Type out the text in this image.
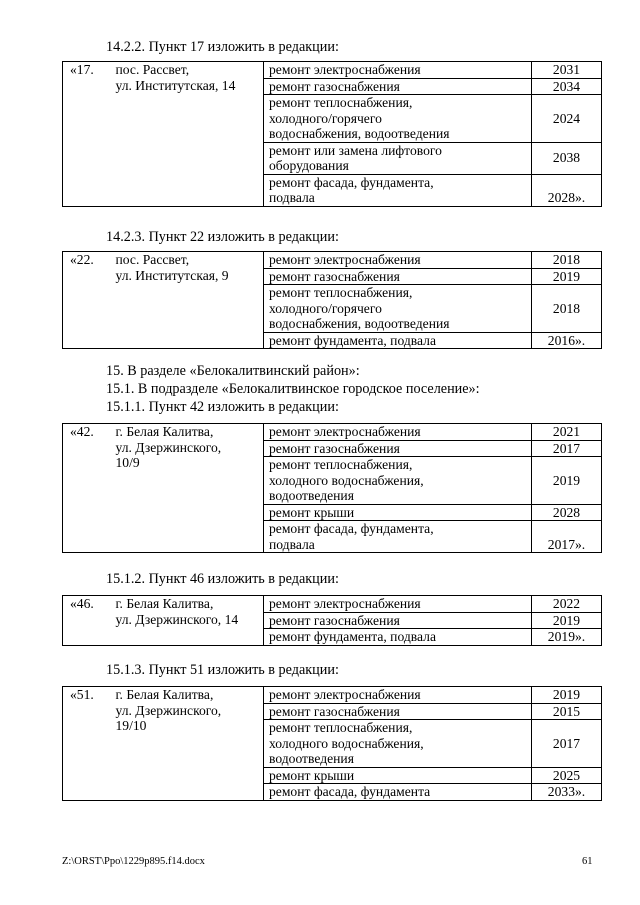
14.2.2. Пункт 17 изложить в редакции:
«17.	пос. Рассвет,
ул. Институтская, 14	ремонт электроснабжения	2031
		ремонт газоснабжения	2034
		ремонт теплоснабжения,
холодного/горячего
водоснабжения, водоотведения	2024
		ремонт или замена лифтового
оборудования	2038
		ремонт фасада, фундамента,
подвала	2028».
14.2.3. Пункт 22 изложить в редакции:
«22.	пос. Рассвет,
ул. Институтская, 9	ремонт электроснабжения	2018
		ремонт газоснабжения	2019
		ремонт теплоснабжения,
холодного/горячего
водоснабжения, водоотведения	2018
		ремонт фундамента, подвала	2016».
15. В разделе «Белокалитвинский район»:
15.1. В подразделе «Белокалитвинское городское поселение»:
15.1.1. Пункт 42 изложить в редакции:
«42.	г. Белая Калитва,
ул. Дзержинского,
10/9	ремонт электроснабжения	2021
		ремонт газоснабжения	2017
		ремонт теплоснабжения,
холодного водоснабжения,
водоотведения	2019
		ремонт крыши	2028
		ремонт фасада, фундамента,
подвала	2017».
15.1.2. Пункт 46 изложить в редакции:
«46.	г. Белая Калитва,
ул. Дзержинского, 14	ремонт электроснабжения	2022
		ремонт газоснабжения	2019
		ремонт фундамента, подвала	2019».
15.1.3. Пункт 51 изложить в редакции:
«51.	г. Белая Калитва,
ул. Дзержинского,
19/10	ремонт электроснабжения	2019
		ремонт газоснабжения	2015
		ремонт теплоснабжения,
холодного водоснабжения,
водоотведения	2017
		ремонт крыши	2025
		ремонт фасада, фундамента	2033».
Z:\ORST\Ppo\1229p895.f14.docx	61
